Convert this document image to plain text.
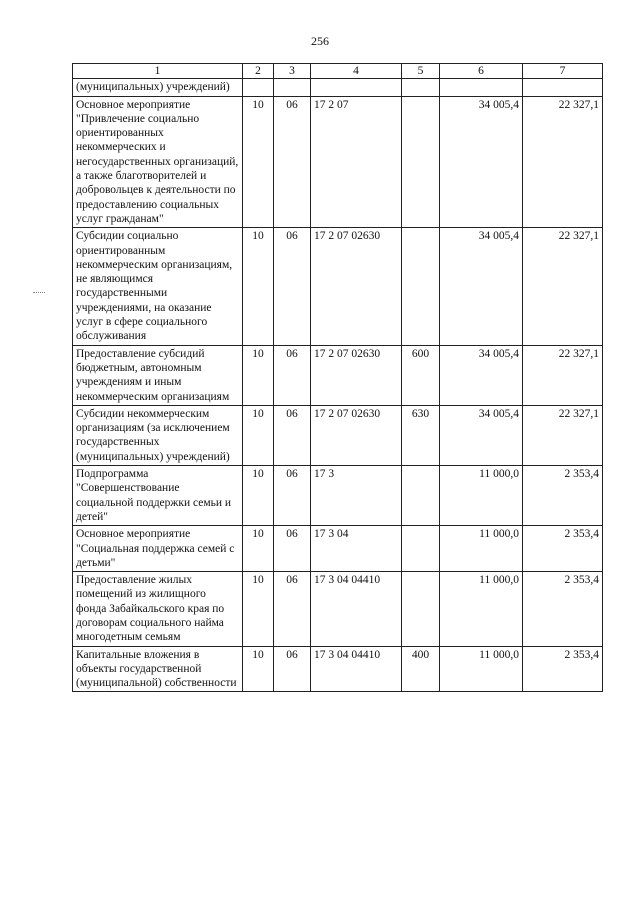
256
1	2	3	4	5	6	7
(муниципальных) учреждений)						
Основное мероприятие "Привлечение социально ориентированных некоммерческих и негосударственных организаций, а также благотворителей и добровольцев к деятельности по предоставлению социальных услуг гражданам"	10	06	17 2 07		34 005,4	22 327,1
Субсидии социально ориентированным некоммерческим организациям, не являющимся государственными учреждениями, на оказание услуг в сфере социального обслуживания	10	06	17 2 07 02630		34 005,4	22 327,1
Предоставление субсидий бюджетным, автономным учреждениям и иным некоммерческим организациям	10	06	17 2 07 02630	600	34 005,4	22 327,1
Субсидии некоммерческим организациям (за исключением государственных (муниципальных) учреждений)	10	06	17 2 07 02630	630	34 005,4	22 327,1
Подпрограмма "Совершенствование социальной поддержки семьи и детей"	10	06	17 3		11 000,0	2 353,4
Основное мероприятие "Социальная поддержка семей с детьми"	10	06	17 3 04		11 000,0	2 353,4
Предоставление жилых помещений из жилищного фонда Забайкальского края по договорам социального найма многодетным семьям	10	06	17 3 04 04410		11 000,0	2 353,4
Капитальные вложения в объекты государственной (муниципальной) собственности	10	06	17 3 04 04410	400	11 000,0	2 353,4
